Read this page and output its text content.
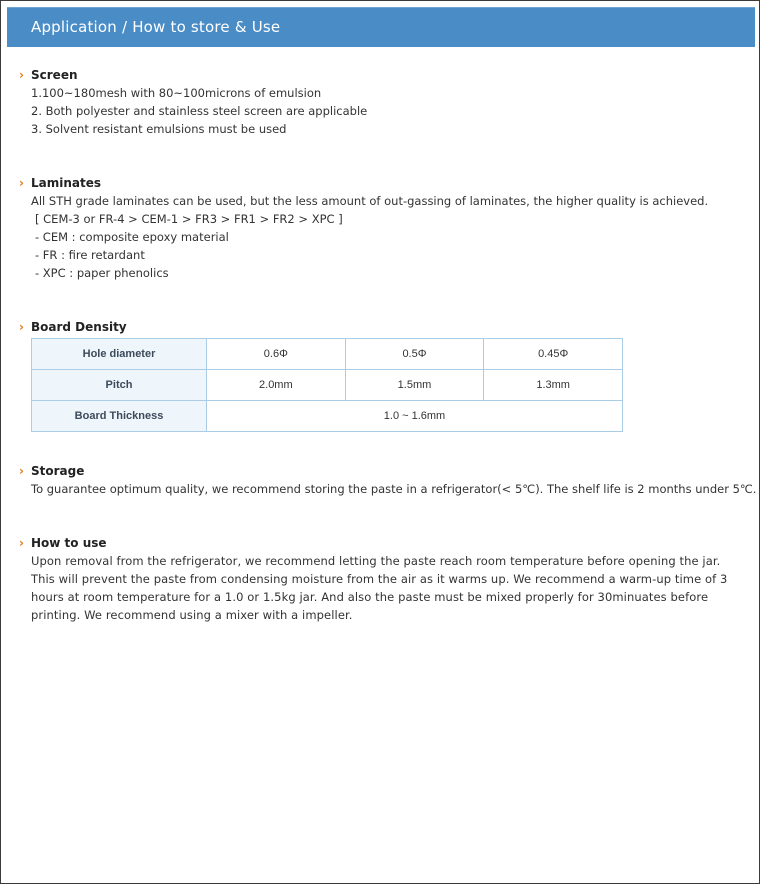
Application / How to store & Use
› Screen
1.100~180mesh with 80~100microns of emulsion
2. Both polyester and stainless steel screen are applicable
3. Solvent resistant emulsions must be used
› Laminates
All STH grade laminates can be used, but the less amount of out-gassing of laminates, the higher quality is achieved.
[ CEM-3 or FR-4 > CEM-1 > FR3 > FR1 > FR2 > XPC ]
- CEM : composite epoxy material
- FR : fire retardant
- XPC : paper phenolics
› Board Density
Hole diameter	0.6Φ	0.5Φ	0.45Φ
Pitch	2.0mm	1.5mm	1.3mm
Board Thickness	1.0 ~ 1.6mm		
› Storage
To guarantee optimum quality, we recommend storing the paste in a refrigerator(< 5℃). The shelf life is 2 months under 5℃.
› How to use
Upon removal from the refrigerator, we recommend letting the paste reach room temperature before opening the jar. This will prevent the paste from condensing moisture from the air as it warms up. We recommend a warm-up time of 3 hours at room temperature for a 1.0 or 1.5kg jar. And also the paste must be mixed properly for 30minuates before printing. We recommend using a mixer with a impeller.
